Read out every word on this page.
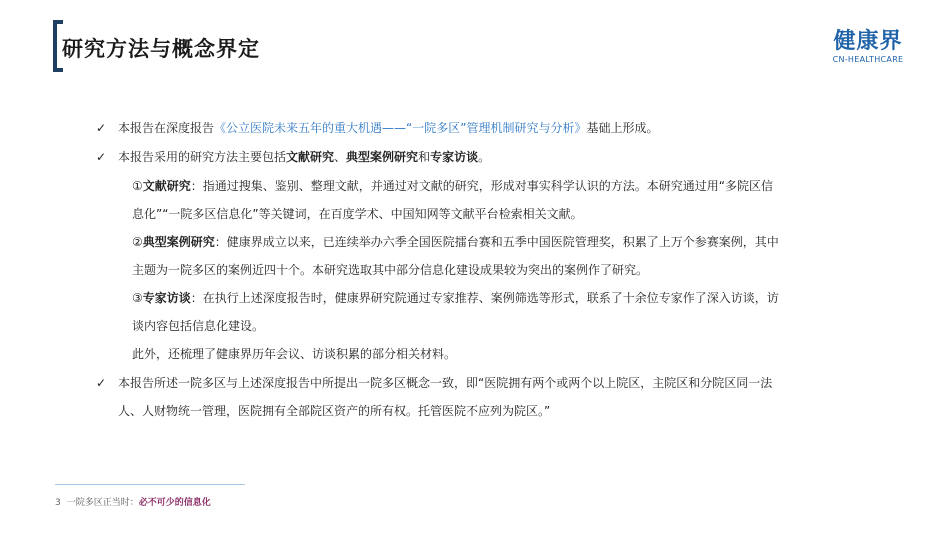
研究方法与概念界定	健康界
CN-HEALTHCARE
✓ 本报告在深度报告《公立医院未来五年的重大机遇——“一院多区”管理机制研究与分析》基础上形成。
✓ 本报告采用的研究方法主要包括文献研究、典型案例研究和专家访谈。
①文献研究：指通过搜集、鉴别、整理文献，并通过对文献的研究，形成对事实科学认识的方法。本研究通过用“多院区信
息化”“一院多区信息化”等关键词，在百度学术、中国知网等文献平台检索相关文献。
②典型案例研究：健康界成立以来，已连续举办六季全国医院擂台赛和五季中国医院管理奖，积累了上万个参赛案例，其中
主题为一院多区的案例近四十个。本研究选取其中部分信息化建设成果较为突出的案例作了研究。
③专家访谈：在执行上述深度报告时，健康界研究院通过专家推荐、案例筛选等形式，联系了十余位专家作了深入访谈，访
谈内容包括信息化建设。
此外，还梳理了健康界历年会议、访谈积累的部分相关材料。
✓ 本报告所述一院多区与上述深度报告中所提出一院多区概念一致，即“医院拥有两个或两个以上院区，主院区和分院区同一法
人、人财物统一管理，医院拥有全部院区资产的所有权。托管医院不应列为院区。”
3 一院多区正当时：必不可少的信息化
